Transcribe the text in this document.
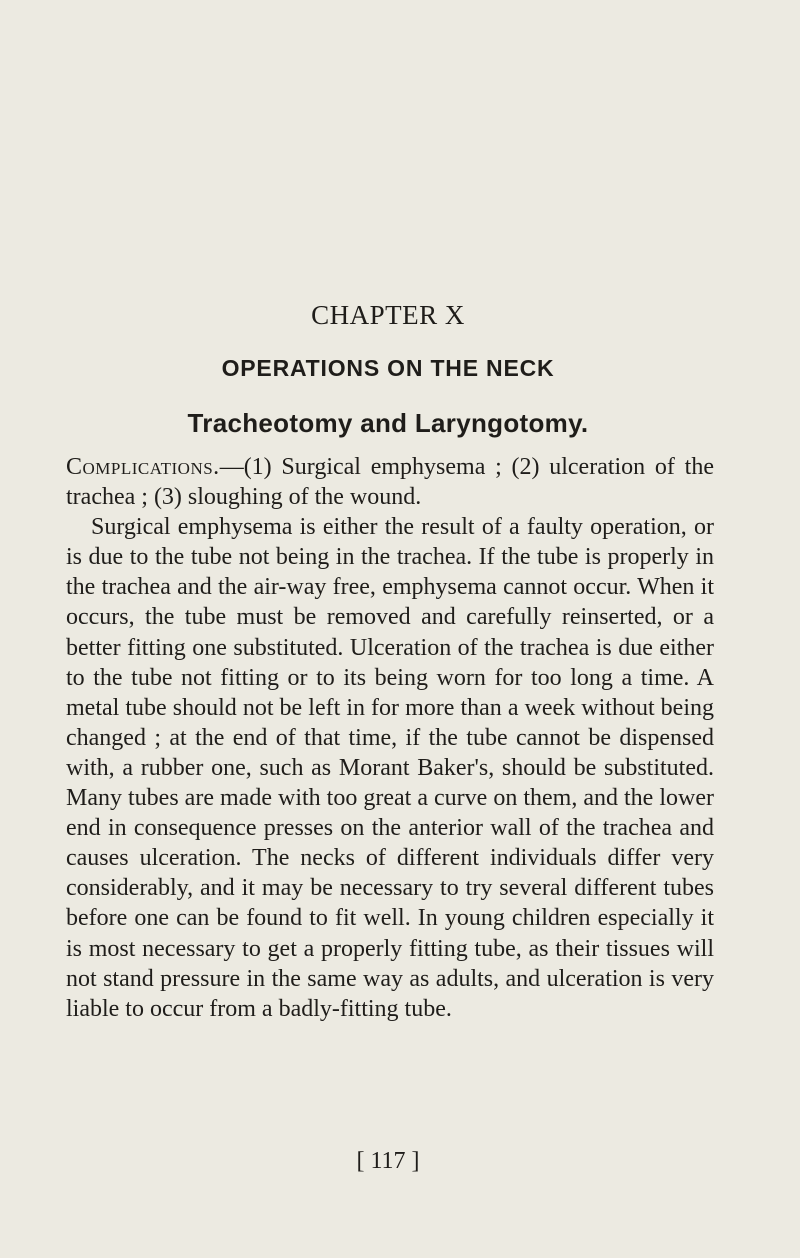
CHAPTER X
OPERATIONS ON THE NECK
Tracheotomy and Laryngotomy.

Complications.—(1) Surgical emphysema ; (2) ulceration of the trachea ; (3) sloughing of the wound.

Surgical emphysema is either the result of a faulty operation, or is due to the tube not being in the trachea. If the tube is properly in the trachea and the air-way free, emphysema cannot occur. When it occurs, the tube must be removed and carefully reinserted, or a better fitting one substituted. Ulceration of the trachea is due either to the tube not fitting or to its being worn for too long a time. A metal tube should not be left in for more than a week without being changed ; at the end of that time, if the tube cannot be dispensed with, a rubber one, such as Morant Baker's, should be substituted. Many tubes are made with too great a curve on them, and the lower end in consequence presses on the anterior wall of the trachea and causes ulceration. The necks of different individuals differ very considerably, and it may be necessary to try several different tubes before one can be found to fit well. In young children especially it is most necessary to get a properly fitting tube, as their tissues will not stand pressure in the same way as adults, and ulceration is very liable to occur from a badly-fitting tube.

[ 117 ]
